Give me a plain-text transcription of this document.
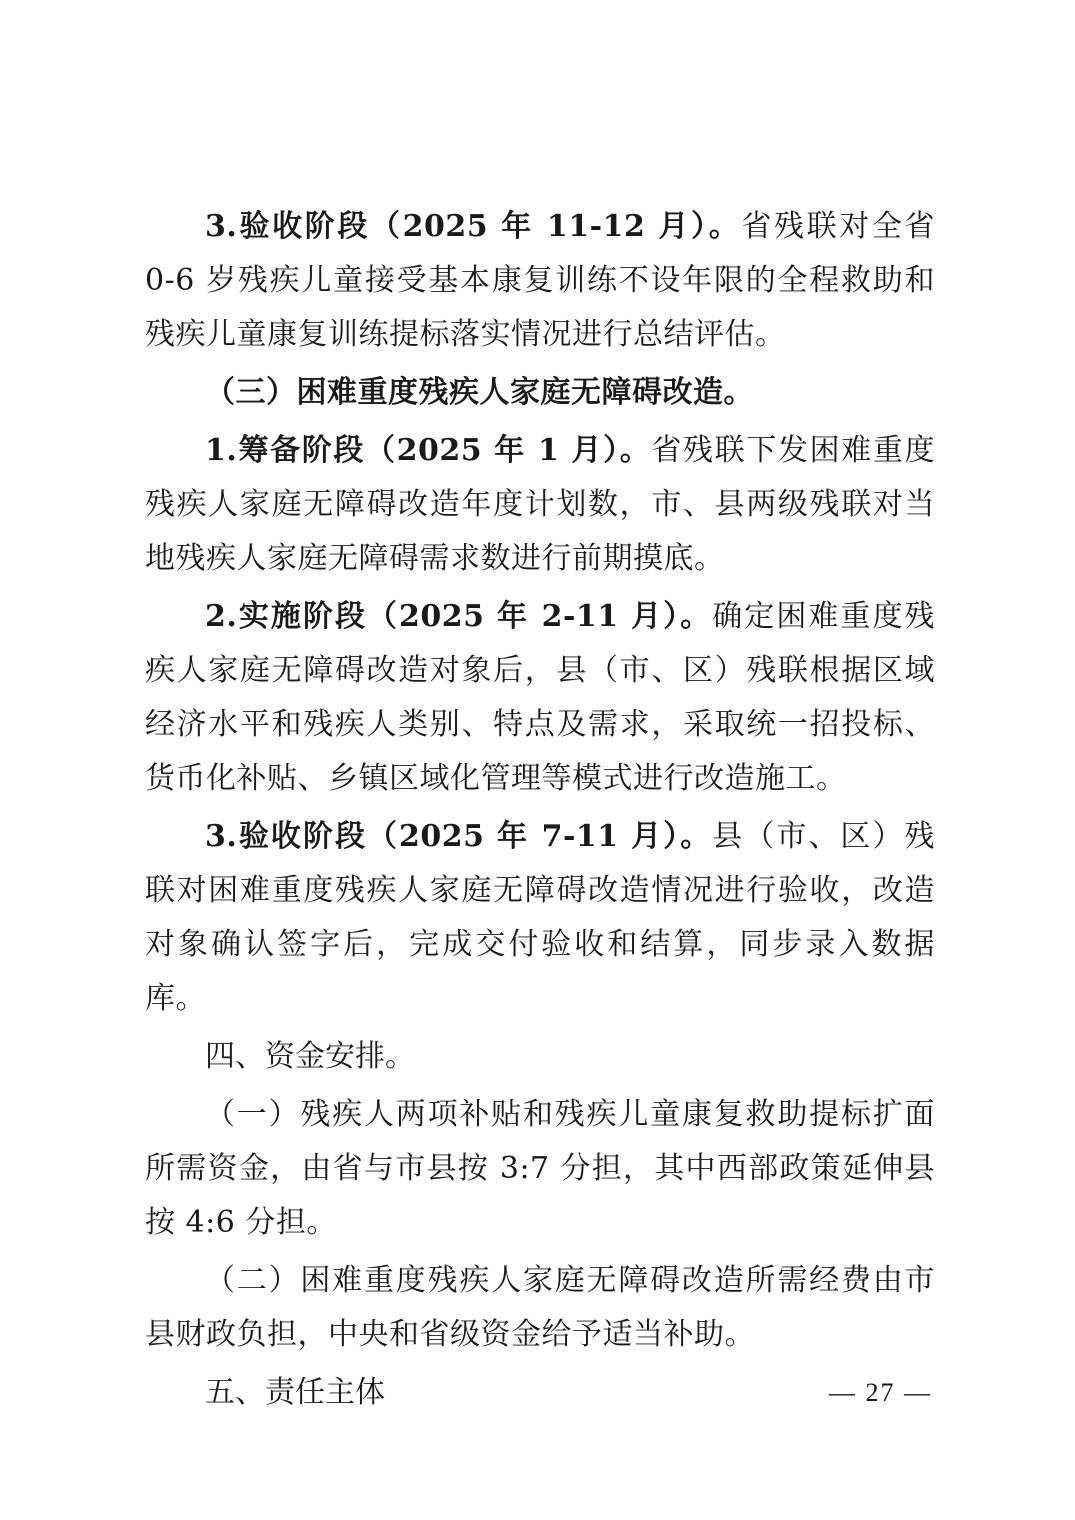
3.验收阶段（2025 年 11-12 月）。省残联对全省 0-6 岁残疾儿童接受基本康复训练不设年限的全程救助和残疾儿童康复训练提标落实情况进行总结评估。

（三）困难重度残疾人家庭无障碍改造。

1.筹备阶段（2025 年 1 月）。省残联下发困难重度残疾人家庭无障碍改造年度计划数，市、县两级残联对当地残疾人家庭无障碍需求数进行前期摸底。

2.实施阶段（2025 年 2-11 月）。确定困难重度残疾人家庭无障碍改造对象后，县（市、区）残联根据区域经济水平和残疾人类别、特点及需求，采取统一招投标、货币化补贴、乡镇区域化管理等模式进行改造施工。

3.验收阶段（2025 年 7-11 月）。县（市、区）残联对困难重度残疾人家庭无障碍改造情况进行验收，改造对象确认签字后，完成交付验收和结算，同步录入数据库。

四、资金安排。

（一）残疾人两项补贴和残疾儿童康复救助提标扩面所需资金，由省与市县按 3:7 分担，其中西部政策延伸县按 4:6 分担。

（二）困难重度残疾人家庭无障碍改造所需经费由市县财政负担，中央和省级资金给予适当补助。

五、责任主体	— 27 —
